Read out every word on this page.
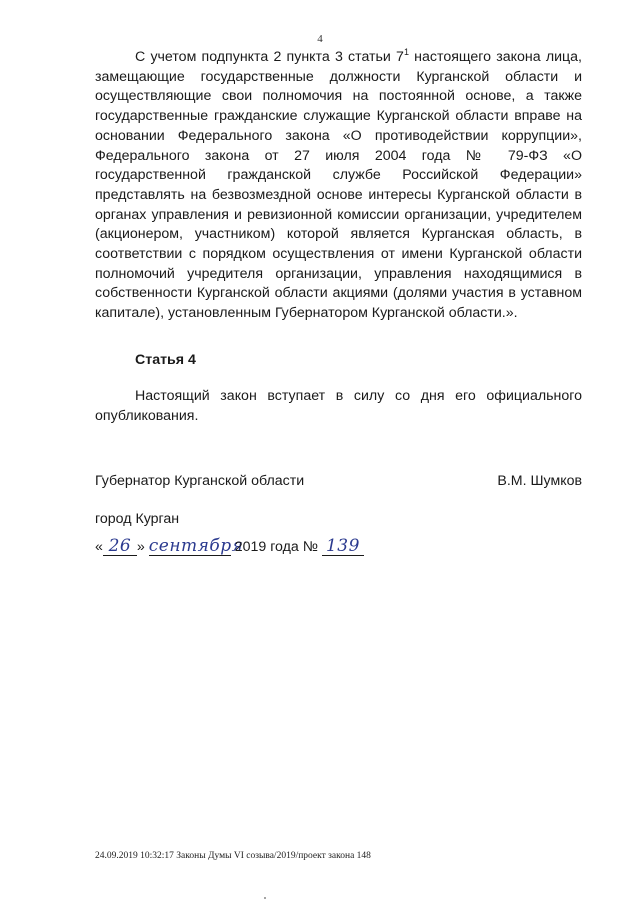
4
С учетом подпункта 2 пункта 3 статьи $7^1$ настоящего закона лица, замещающие государственные должности Курганской области и осуществляющие свои полномочия на постоянной основе, а также государственные гражданские служащие Курганской области вправе на основании Федерального закона «О противодействии коррупции», Федерального закона от 27 июля 2004 года № 79-ФЗ «О государственной гражданской службе Российской Федерации» представлять на безвозмездной основе интересы Курганской области в органах управления и ревизионной комиссии организации, учредителем (акционером, участником) которой является Курганская область, в соответствии с порядком осуществления от имени Курганской области полномочий учредителя организации, управления находящимися в собственности Курганской области акциями (долями участия в уставном капитале), установленным Губернатором Курганской области.».
Статья 4
Настоящий закон вступает в силу со дня его официального опубликования.
Губернатор Курганской области	В.М. Шумков
город Курган
« 26 » сентября 2019 года № 139
24.09.2019 10:32:17 Законы Думы VI созыва/2019/проект закона 148
